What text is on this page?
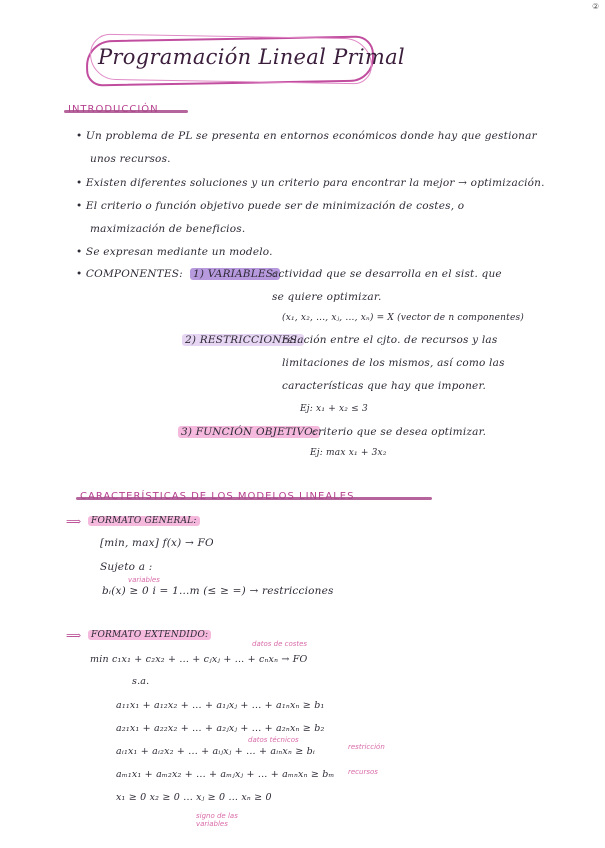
②
Programación Lineal Primal
• Un problema de PL se presenta en entornos económicos donde hay que gestionar
unos recursos.
• Existen diferentes soluciones y un criterio para encontrar la mejor → optimización.
• El criterio o función objetivo puede ser de minimización de costes, o
maximización de beneficios.
• Se expresan mediante un modelo.
• COMPONENTES: 1) VARIABLES:
actividad que se desarrolla en el sist. que
se quiere optimizar.
(x₁, x₂, ..., xⱼ, ..., xₙ) = X (vector de n componentes)
2) RESTRICCIONES:
relación entre el cjto. de recursos y las
limitaciones de los mismos, así como las
características que hay que imponer.
Ej: x₁ + x₂ ≤ 3
3) FUNCIÓN OBJETIVO:
criterio que se desea optimizar.
Ej: max x₁ + 3x₂
⟹	FORMATO GENERAL:
[min, max] f(x) → FO
Sujeto a :
variables
bᵢ(x) ≥ 0 i = 1...m (≤ ≥ =) → restricciones
⟹	FORMATO EXTENDIDO:
datos de costes
min c₁x₁ + c₂x₂ + ... + cⱼxⱼ + ... + cₙxₙ → FO
s.a.
a₁₁x₁ + a₁₂x₂ + ... + a₁ⱼxⱼ + ... + a₁ₙxₙ ≥ b₁
a₂₁x₁ + a₂₂x₂ + ... + a₂ⱼxⱼ + ... + a₂ₙxₙ ≥ b₂
datos técnicos
aᵢ₁x₁ + aᵢ₂x₂ + ... + aᵢⱼxⱼ + ... + aᵢₙxₙ ≥ bᵢ	restricción
aₘ₁x₁ + aₘ₂x₂ + ... + aₘⱼxⱼ + ... + aₘₙxₙ ≥ bₘ recursos
x₁ ≥ 0 x₂ ≥ 0 ... xⱼ ≥ 0 ... xₙ ≥ 0
signo de las variables
